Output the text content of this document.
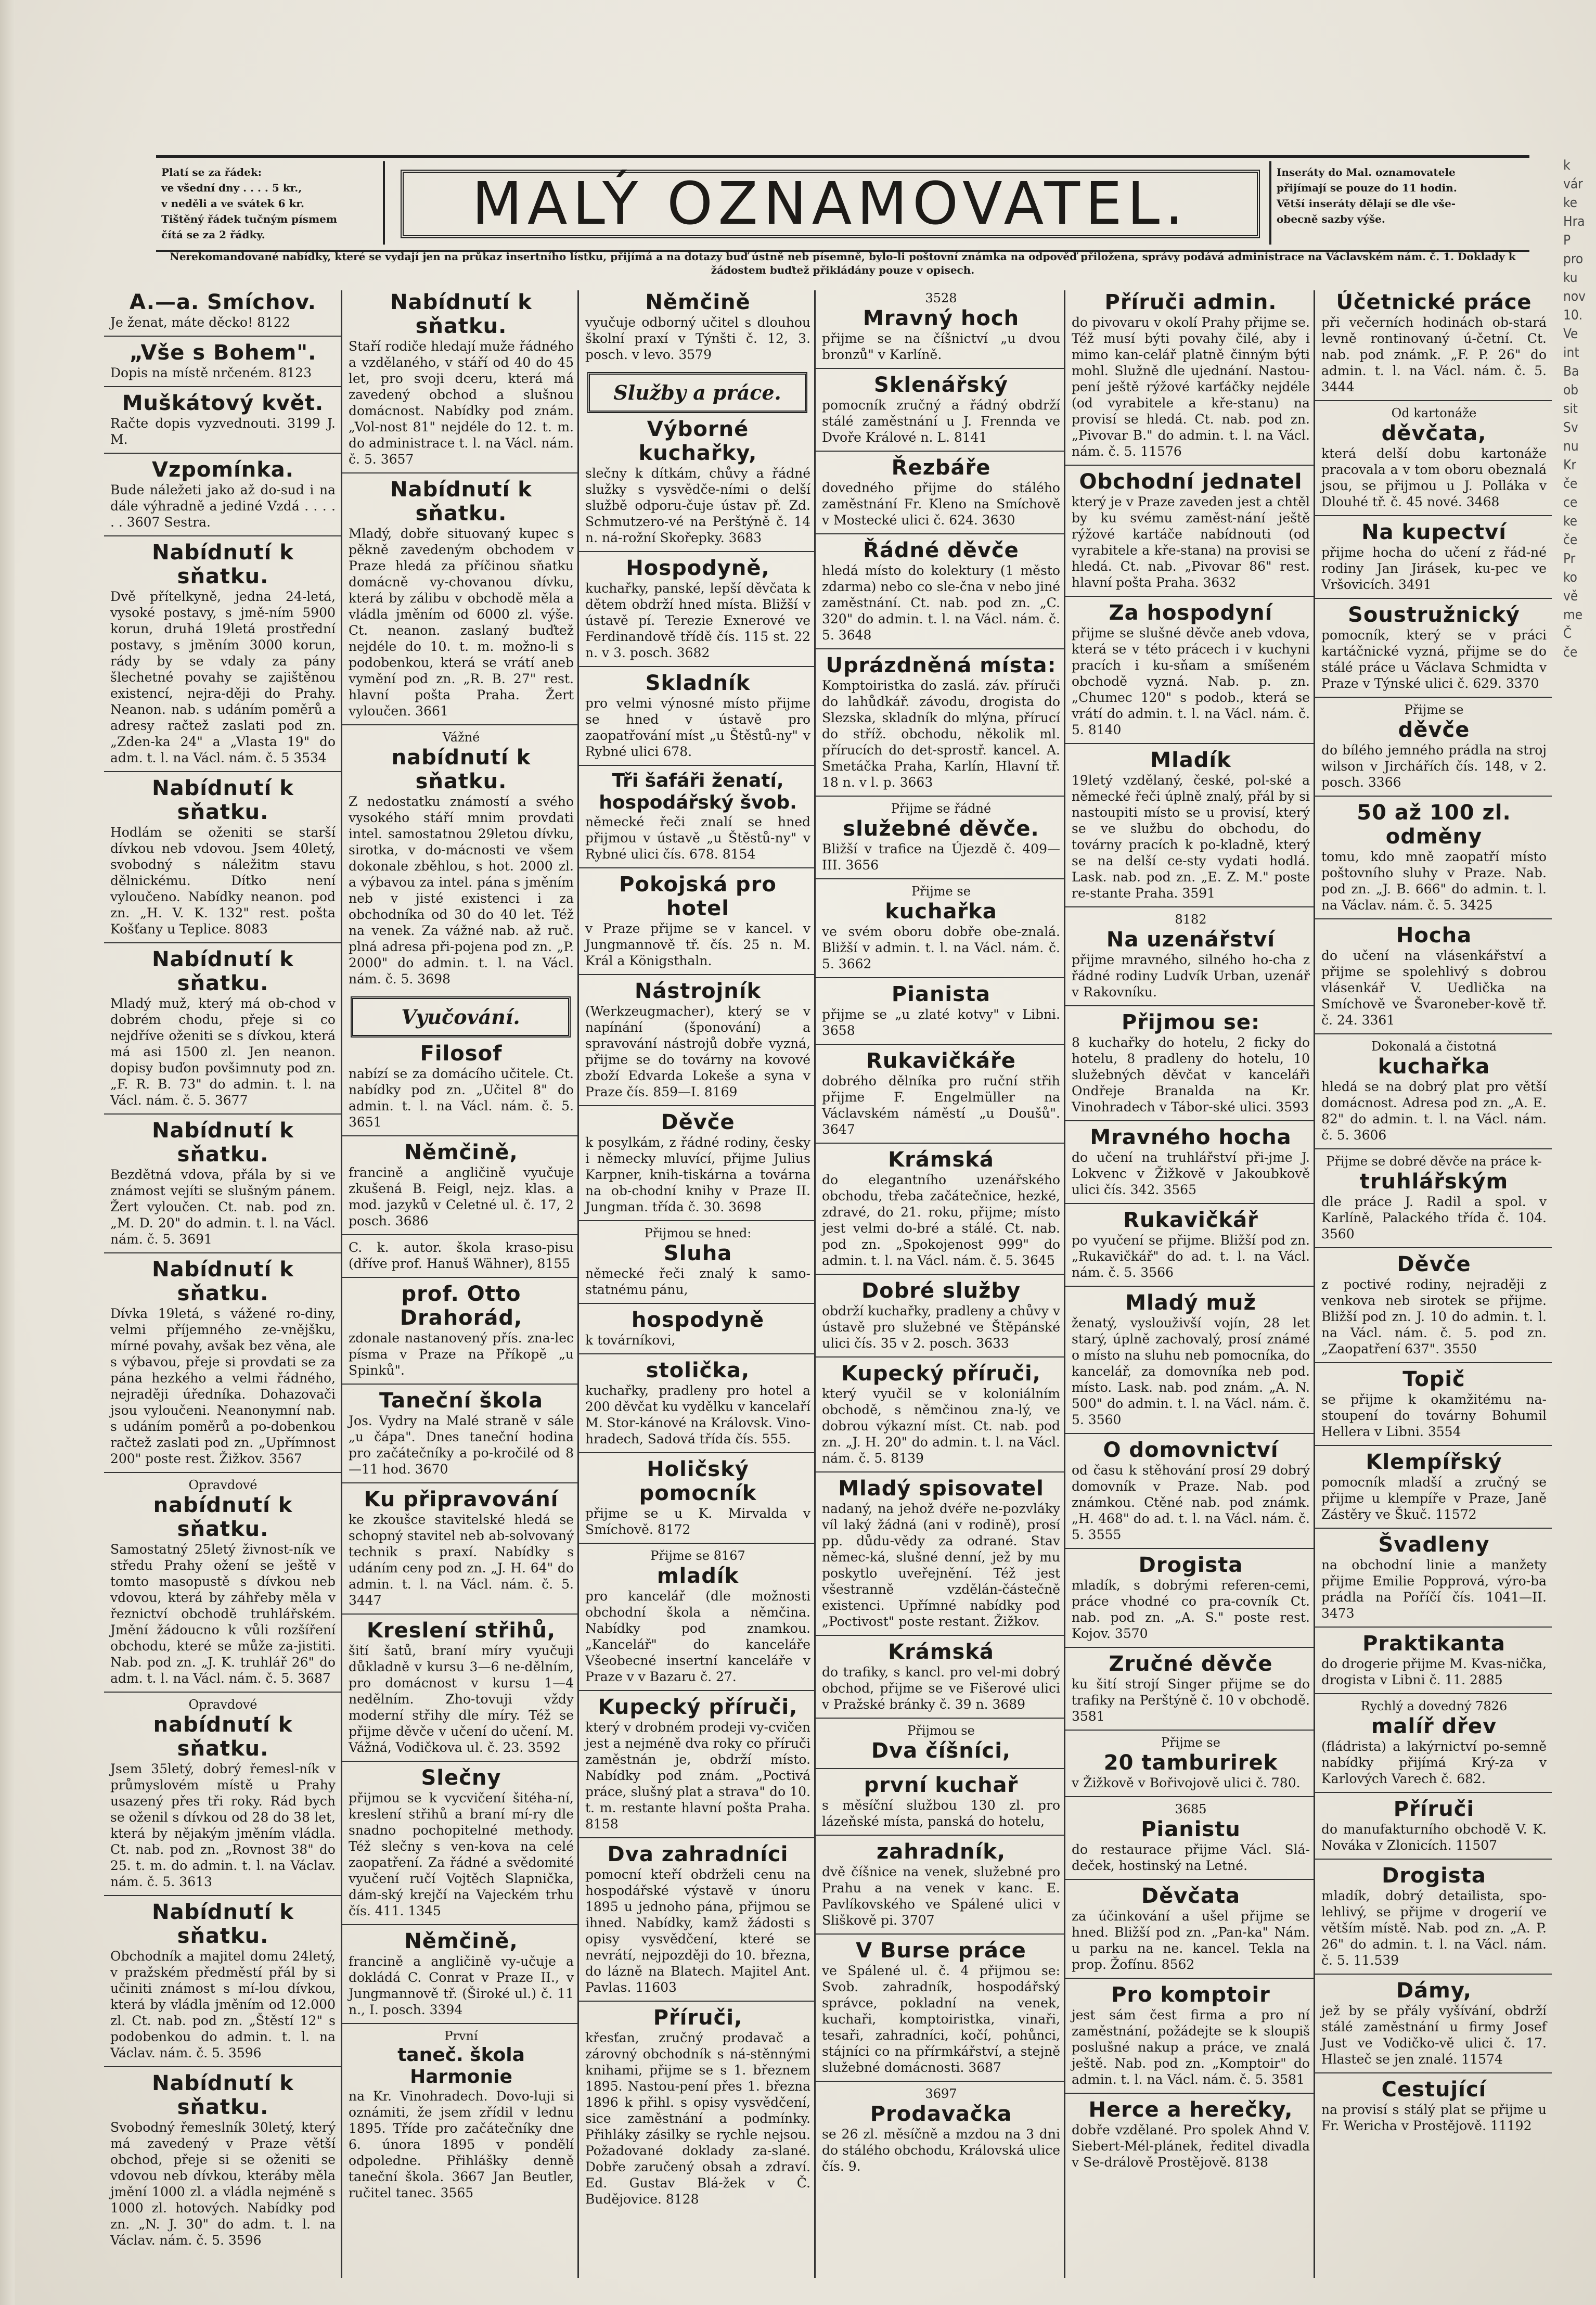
Platí se za řádek:
ve všední dny . . . . 5 kr.,
v neděli a ve svátek 6 kr.
Tištěný řádek tučným písmem
čítá se za 2 řádky.	MALÝ OZNAMOVATEL.	Inseráty do Mal. oznamovatele
přijímají se pouze do 11 hodin.
Větší inseráty dělají se dle vše-
obecně sazby výše.
Nerekomandované nabídky, které se vydají jen na průkaz insertního lístku, přijímá a na dotazy buď ústně neb písemně, bylo-li poštovní známka na odpověď přiložena, správy podává administrace na Václavském nám. č. 1. Doklady k žádostem buďtež přikládány pouze v opisech.
A.—a. Smíchov.
Je ženat, máte děcko! 8122
„Vše s Bohem".
Dopis na místě nrčeném. 8123
Muškátový květ.
Račte dopis vyzvednouti. 3199 J. M.
Vzpomínka.
Bude náležeti jako až do-sud i na dále výhradně a jediné Vzdá . . . . . . 3607 Sestra.
Nabídnutí k sňatku.
Dvě přítelkyně, jedna 24-letá, vysoké postavy, s jmě-ním 5900 korun, druhá 19letá prostřední postavy, s jměním 3000 korun, rády by se vdaly za pány šlechetné povahy se zajištěnou existencí, nejra-ději do Prahy. Neanon. nab. s udáním poměrů a adresy račtež zaslati pod zn. „Zden-ka 24" a „Vlasta 19" do adm. t. l. na Václ. nám. č. 5 3534
Nabídnutí k sňatku.
Hodlám se oženiti se starší dívkou neb vdovou. Jsem 40letý, svobodný s náležitm stavu dělnickému. Dítko není vyloučeno. Nabídky neanon. pod zn. „H. V. K. 132" rest. pošta Košťany u Teplice. 8083
Nabídnutí k sňatku.
Mladý muž, který má ob-chod v dobrém chodu, přeje si co nejdříve oženiti se s dívkou, která má asi 1500 zl. Jen neanon. dopisy buďon povšimnuty pod zn. „F. R. B. 73" do admin. t. l. na Václ. nám. č. 5. 3677
Nabídnutí k sňatku.
Bezdětná vdova, přála by si ve známost vejíti se slušným pánem. Žert vyloučen. Ct. nab. pod zn. „M. D. 20" do admin. t. l. na Václ. nám. č. 5. 3691
Nabídnutí k sňatku.
Dívka 19letá, s vážené ro-diny, velmi příjemného ze-vnějšku, mírné povahy, avšak bez věna, ale s výbavou, přeje si provdati se za pána hezkého a velmi řádného, nejraději úředníka. Dohazovači jsou vyloučeni. Neanonymní nab. s udáním poměrů a po-dobenkou račtež zaslati pod zn. „Upřímnost 200" poste rest. Žižkov. 3567
Opravdové
nabídnutí k sňatku.
Samostatný 25letý živnost-ník ve středu Prahy ožení se ještě v tomto masopustě s dívkou neb vdovou, která by záhřeby měla v řeznictví obchodě truhlářském. Jmění žádoucno k vůli rozšíření obchodu, které se může za-jistiti. Nab. pod zn. „J. K. truhlář 26" do adm. t. l. na Václ. nám. č. 5. 3687
Opravdové
nabídnutí k sňatku.
Jsem 35letý, dobrý řemesl-ník v průmyslovém místě u Prahy usazený přes tři roky. Rád bych se oženil s dívkou od 28 do 38 let, která by nějakým jměním vládla. Ct. nab. pod zn. „Rovnost 38" do 25. t. m. do admin. t. l. na Václav. nám. č. 5. 3613
Nabídnutí k sňatku.
Obchodník a majitel domu 24letý, v pražském předměstí přál by si učiniti známost s mí-lou dívkou, která by vládla jměním od 12.000 zl. Ct. nab. pod zn. „Štěstí 12" s podobenkou do admin. t. l. na Václav. nám. č. 5. 3596
Nabídnutí k sňatku.
Svobodný řemeslník 30letý, který má zavedený v Praze větší obchod, přeje si se oženiti se vdovou neb dívkou, kteráby měla jmění 1000 zl. a vládla nejméně s 1000 zl. hotových. Nabídky pod zn. „N. J. 30" do adm. t. l. na Václav. nám. č. 5. 3596
Nabídnutí k sňatku.
Staří rodiče hledají muže řádného a vzdělaného, v stáří od 40 do 45 let, pro svoji dceru, která má zavedený obchod a slušnou domácnost. Nabídky pod znám. „Vol-nost 81" nejdéle do 12. t. m. do administrace t. l. na Václ. nám. č. 5. 3657
Nabídnutí k sňatku.
Mladý, dobře situovaný kupec s pěkně zavedeným obchodem v Praze hledá za příčinou sňatku domácně vy-chovanou dívku, která by zálibu v obchodě měla a vládla jměním od 6000 zl. výše. Ct. neanon. zaslaný buďtež nejdéle do 10. t. m. možno-li s podobenkou, která se vrátí aneb vymění pod zn. „R. B. 27" rest. hlavní pošta Praha. Žert vyloučen. 3661
Vážné
nabídnutí k sňatku.
Z nedostatku známostí a svého vysokého stáří mnim provdati intel. samostatnou 29letou dívku, sirotka, v do-mácnosti ve všem dokonale zběhlou, s hot. 2000 zl. a výbavou za intel. pána s jměním neb v jisté existenci i za obchodníka od 30 do 40 let. Též na venek. Za vážné nab. až ruč. plná adresa při-pojena pod zn. „P. 2000" do admin. t. l. na Václ. nám. č. 5. 3698
Vyučování.
Filosof
nabízí se za domácího učitele. Ct. nabídky pod zn. „Učitel 8" do admin. t. l. na Václ. nám. č. 5. 3651
Němčině,
francině a angličině vyučuje zkušená B. Feigl, nejz. klas. a mod. jazyků v Celetné ul. č. 17, 2 posch. 3686
C. k. autor. škola kraso-pisu (dříve prof. Hanuš Wähner), 8155
prof. Otto Drahorád,
zdonale nastanovený přís. zna-lec písma v Praze na Příkopě „u Spinků".
Taneční škola
Jos. Vydry na Malé straně v sále „u čápa". Dnes taneční hodina pro začátečníky a po-kročilé od 8—11 hod. 3670
Ku připravování
ke zkoušce stavitelské hledá se schopný stavitel neb ab-solvovaný technik s praxí. Nabídky s udáním ceny pod zn. „J. H. 64" do admin. t. l. na Václ. nám. č. 5. 3447
Kreslení střihů,
šití šatů, braní míry vyučuji důkladně v kursu 3—6 ne-dělním, pro domácnost v kursu 1—4 nedělním. Zho-tovuji vždy moderní střihy dle míry. Též se přijme děvče v učení do učení. M. Vážná, Vodičkova ul. č. 23. 3592
Slečny
přijmou se k vycvičení šitéha-ní, kreslení střihů a braní mí-ry dle snadno pochopitelné methody. Též slečny s ven-kova na celé zaopatření. Za řádné a svědomité vyučení ručí Vojtěch Slapnička, dám-ský krejčí na Vajeckém trhu čís. 411. 1345
Němčině,
francině a angličině vy-učuje a dokládá C. Conrat v Praze II., v Jungmannově tř. (Široké ul.) č. 11 n., I. posch. 3394
První
taneč. škola Harmonie
na Kr. Vinohradech. Dovo-luji si oznámiti, že jsem zřídil v lednu 1895. Tříde pro začátečníky dne 6. února 1895 v pondělí odpoledne. Přihlášky denně taneční škola. 3667 Jan Beutler, ručitel tanec. 3565
Němčině
vyučuje odborný učitel s dlouhou školní praxí v Týnšti č. 12, 3. posch. v levo. 3579
Služby a práce.
Výborné kuchařky,
slečny k dítkám, chůvy a řádné služky s vysvědče-ními o delší službě odporu-čuje ústav př. Zd. Schmutzero-vé na Perštýně č. 14 n. ná-rožní Skořepky. 3683
Hospodyně,
kuchařky, panské, lepší děvčata k dětem obdrží hned místa. Bližší v ústavě pí. Terezie Exnerové ve Ferdinandově třídě čís. 115 st. 22 n. v 3. posch. 3682
Skladník
pro velmi výnosné místo přijme se hned v ústavě pro zaopatřování míst „u Štěstů-ny" v Rybné ulici 678.
Tři šafáři ženatí, hospodářský švob.
německé řeči znalí se hned přijmou v ústavě „u Štěstů-ny" v Rybné ulici čís. 678. 8154
Pokojská pro hotel
v Praze přijme se v kancel. v Jungmannově tř. čís. 25 n. M. Král a Königsthaln.
Nástrojník
(Werkzeugmacher), který se v napínání (šponování) a spravování nástrojů dobře vyzná, přijme se do továrny na kovové zboží Edvarda Lokeše a syna v Praze čís. 859—I. 8169
Děvče
k posylkám, z řádné rodiny, česky i německy mluvící, přijme Julius Karpner, knih-tiskárna a továrna na ob-chodní knihy v Praze II. Jungman. třída č. 30. 3698
Přijmou se hned:
Sluha
německé řeči znalý k samo-statnému pánu,
hospodyně
k továrníkovi,
stolička,
kuchařky, pradleny pro hotel a 200 děvčat ku vydělku v kancelaří M. Stor-kánové na Královsk. Vino-hradech, Sadová třída čís. 555.
Holičský pomocník
přijme se u K. Mirvalda v Smíchově. 8172
Přijme se 8167
mladík
pro kancelář (dle možnosti obchodní škola a němčina. Nabídky pod znamkou. „Kancelář" do kanceláře Všeobecné insertní kanceláře v Praze v v Bazaru č. 27.
Kupecký příruči,
který v drobném prodeji vy-cvičen jest a nejméně dva roky co příruči zaměstnán je, obdrží místo. Nabídky pod znám. „Poctivá práce, slušný plat a strava" do 10. t. m. restante hlavní pošta Praha. 8158
Dva zahradníci
pomocní kteří obdrželi cenu na hospodářské výstavě v únoru 1895 u jednoho pána, přijmou se ihned. Nabídky, kamž žádosti s opisy vysvědčení, které se nevrátí, nejpozději do 10. března, do lázně na Blatech. Majitel Ant. Pavlas. 11603
Příruči,
křesťan, zručný prodavač a zárovný obchodník s ná-stěnnými knihami, přijme se s 1. březnem 1895. Nastou-pení přes 1. března 1896 k přihl. s opisy vysvědčení, sice zaměstnání a podmínky. Přihláky zásilky se rychle nejsou. Požadované doklady za-slané. Dobře zaručený obsah a zdraví. Ed. Gustav Blá-žek v Č. Budějovice. 8128
3528
Mravný hoch
přijme se na číšnictví „u dvou bronzů" v Karlíně.
Sklenářský
pomocník zručný a řádný obdrží stálé zaměstnání u J. Frennda ve Dvoře Králové n. L. 8141
Řezbáře
dovedného přijme do stálého zaměstnání Fr. Kleno na Smíchově v Mostecké ulici č. 624. 3630
Řádné děvče
hledá místo do kolektury (1 město zdarma) nebo co sle-čna v nebo jiné zaměstnání. Ct. nab. pod zn. „C. 320" do admin. t. l. na Václ. nám. č. 5. 3648
Uprázdněná místa:
Komptoiristka do zaslá. záv. příruči do lahůdkář. závodu, drogista do Slezska, skladník do mlýna, přírucí do stříž. obchodu, několik ml. přírucích do det-sprostř. kancel. A. Smetáčka Praha, Karlín, Hlavní tř. 18 n. v l. p. 3663
Přijme se řádné
služebné děvče.
Bližší v trafice na Újezdě č. 409—III. 3656
Přijme se
kuchařka
ve svém oboru dobře obe-znalá. Bližší v admin. t. l. na Václ. nám. č. 5. 3662
Pianista
přijme se „u zlaté kotvy" v Libni. 3658
Rukavičkáře
dobrého dělníka pro ruční střih přijme F. Engelmüller na Václavském náměstí „u Doušů". 3647
Krámská
do elegantního uzenářského obchodu, třeba začátečnice, hezké, zdravé, do 21. roku, přijme; místo jest velmi do-bré a stálé. Ct. nab. pod zn. „Spokojenost 999" do admin. t. l. na Václ. nám. č. 5. 3645
Dobré služby
obdrží kuchařky, pradleny a chůvy v ústavě pro služebné ve Štěpánské ulici čís. 35 v 2. posch. 3633
Kupecký příruči,
který vyučil se v koloniálním obchodě, s němčinou zna-lý, ve dobrou výkazní míst. Ct. nab. pod zn. „J. H. 20" do admin. t. l. na Václ. nám. č. 5. 8139
Mladý spisovatel
nadaný, na jehož dvéře ne-pozvláky víl laký žádná (ani v rodině), prosí pp. důdu-vědy za odrané. Stav němec-ká, slušné denní, jež by mu poskytlo uveřejnění. Též jest všestranně vzdělán-částečně existenci. Upřímné nabídky pod „Poctivost" poste restant. Žižkov.
Krámská
do trafiky, s kancl. pro vel-mi dobrý obchod, přijme se ve Fišerové ulici v Pražské bránky č. 39 n. 3689
Přijmou se
Dva číšníci,
první kuchař
s měsíční službou 130 zl. pro lázeňské místa, panská do hotelu,
zahradník,
dvě číšnice na venek, služebné pro Prahu a na venek v kanc. E. Pavlíkovského ve Spálené ulici v Sliškově pi. 3707
V Burse práce
ve Spálené ul. č. 4 přijmou se: Svob. zahradník, hospodářský správce, pokladní na venek, kuchaři, komptoiristka, vinaři, tesaři, zahradníci, kočí, pohůnci, stájníci co na přírmkářství, a stejně služebné domácnosti. 3687
3697
Prodavačka
se 26 zl. měsíčně a mzdou na 3 dni do stálého obchodu, Královská ulice čís. 9.
Příruči admin.
do pivovaru v okolí Prahy přijme se. Též musí býti povahy čilé, aby i mimo kan-celář platně činným býti mohl. Služně dle ujednání. Nastou-pení ještě rýžové karťáčky nejdéle (od vyrabitele a kře-stanu) na provisí se hledá. Ct. nab. pod zn. „Pivovar B." do admin. t. l. na Václ. nám. č. 5. 11576
Obchodní jednatel
který je v Praze zaveden jest a chtěl by ku svému zaměst-nání ještě rýžové kartáče nabídnouti (od vyrabitele a kře-stana) na provisi se hledá. Ct. nab. „Pivovar 86" rest. hlavní pošta Praha. 3632
Za hospodyní
přijme se slušné děvče aneb vdova, která se v této prácech i v kuchyni pracích i ku-sňam a smíšeném obchodě vyzná. Nab. p. zn. „Chumec 120" s podob., která se vrátí do admin. t. l. na Václ. nám. č. 5. 8140
Mladík
19letý vzdělaný, české, pol-ské a německé řeči úplně znalý, přál by si nastoupiti místo se u provisí, který se ve službu do obchodu, do továrny pracích k po-kladně, který se na delší ce-sty vydati hodlá. Lask. nab. pod zn. „E. Z. M." poste re-stante Praha. 3591
8182
Na uzenářství
přijme mravného, silného ho-cha z řádné rodiny Ludvík Urban, uzenář v Rakovníku.
Přijmou se:
8 kuchařky do hotelu, 2 ficky do hotelu, 8 pradleny do hotelu, 10 služebných děvčat v kanceláři Ondřeje Branalda na Kr. Vinohradech v Tábor-ské ulici. 3593
Mravného hocha
do učení na truhlářství při-jme J. Lokvenc v Žižkově v Jakoubkově ulici čís. 342. 3565
Rukavičkář
po vyučení se přijme. Bližší pod zn. „Rukavičkář" do ad. t. l. na Václ. nám. č. 5. 3566
Mladý muž
ženatý, vyslouživší vojín, 28 let starý, úplně zachovalý, prosí známé o místo na sluhu neb pomocníka, do kancelář, za domovníka neb pod. místo. Lask. nab. pod znám. „A. N. 500" do admin. t. l. na Václ. nám. č. 5. 3560
O domovnictví
od času k stěhování prosí 29 dobrý domovník v Praze. Nab. pod známkou. Ctěné nab. pod známk. „H. 468" do ad. t. l. na Václ. nám. č. 5. 3555
Drogista
mladík, s dobrými referen-cemi, práce vhodné co pra-covník Ct. nab. pod zn. „A. S." poste rest. Kojov. 3570
Zručné děvče
ku šití strojí Singer přijme se do trafiky na Perštýně č. 10 v obchodě. 3581
Přijme se
20 tamburirek
v Žižkově v Bořivojově ulici č. 780.
3685
Pianistu
do restaurace přijme Václ. Slá-deček, hostinský na Letné.
Děvčata
za účinkování a ušel přijme se hned. Bližší pod zn. „Pan-ka" Nám. u parku na ne. kancel. Tekla na prop. Žofínu. 8562
Pro komptoir
jest sám čest firma a pro ní zaměstnání, požádejte se k sloupiš poslušné nakup a práce, ve znalá ještě. Nab. pod zn. „Komptoir" do admin. t. l. na Václ. nám. č. 5. 3581
Herce a herečky,
dobře vzdělané. Pro spolek Ahnd V. Siebert-Mél-plánek, ředitel divadla v Se-drálově Prostějově. 8138
Účetnické práce
při večerních hodinách ob-stará levně rontinovaný ú-četní. Ct. nab. pod známk. „F. P. 26" do admin. t. l. na Václ. nám. č. 5. 3444
Od kartonáže
děvčata,
která delší dobu kartonáže pracovala a v tom oboru obeznalá jsou, se přijmou u J. Polláka v Dlouhé tř. č. 45 nové. 3468
Na kupectví
přijme hocha do učení z řád-né rodiny Jan Jirásek, ku-pec ve Vršovicích. 3491
Soustružnický
pomocník, který se v práci kartáčnické vyzná, přijme se do stálé práce u Václava Schmidta v Praze v Týnské ulici č. 629. 3370
Přijme se
děvče
do bílého jemného prádla na stroj wilson v Jirchářích čís. 148, v 2. posch. 3366
50 až 100 zl. odměny
tomu, kdo mně zaopatří místo poštovního sluhy v Praze. Nab. pod zn. „J. B. 666" do admin. t. l. na Václav. nám. č. 5. 3425
Hocha
do učení na vlásenkářství a přijme se spolehlivý s dobrou vlásenkář V. Uedlička na Smíchově ve Švaroneber-kově tř. č. 24. 3361
Dokonalá a čistotná
kuchařka
hledá se na dobrý plat pro větší domácnost. Adresa pod zn. „A. E. 82" do admin. t. l. na Václ. nám. č. 5. 3606
Přijme se dobré děvče na práce k-
truhlářským
dle práce J. Radil a spol. v Karlíně, Palackého třída č. 104. 3560
Děvče
z poctivé rodiny, nejraději z venkova neb sirotek se přijme. Bližší pod zn. J. 10 do admin. t. l. na Václ. nám. č. 5. pod zn. „Zaopatření 637". 3550
Topič
se přijme k okamžitému na-stoupení do továrny Bohumil Hellera v Libni. 3554
Klempířský
pomocník mladší a zručný se přijme u klempíře v Praze, Janě Zástěry ve Škuč. 11572
Švadleny
na obchodní linie a manžety přijme Emilie Popprová, výro-ba prádla na Poříčí čís. 1041—II. 3473
Praktikanta
do drogerie přijme M. Kvas-nička, drogista v Libni č. 11. 2885
Rychlý a dovedný 7826
malíř dřev
(fládrista) a lakýrnictví po-semně nabídky přijímá Krý-za v Karlových Varech č. 682.
Příruči
do manufakturního obchodě V. K. Nováka v Zlonicích. 11507
Drogista
mladík, dobrý detailista, spo-lehlivý, se přijme v drogerií ve větším místě. Nab. pod zn. „A. P. 26" do admin. t. l. na Václ. nám. č. 5. 11.539
Dámy,
jež by se přály vyšívání, obdrží stálé zaměstnání u firmy Josef Just ve Vodičko-vě ulici č. 17. Hlasteč se jen znalé. 11574
Cestující
na provisí s stálý plat se přijme u Fr. Wericha v Prostějově. 11192
k
vár
ke
Hra
P
pro
ku
nov
10.
Ve
int
Ba
ob
sit
Sv
nu
Kr
če
ce
ke
če
Pr
ko
vě
me
Č
če
